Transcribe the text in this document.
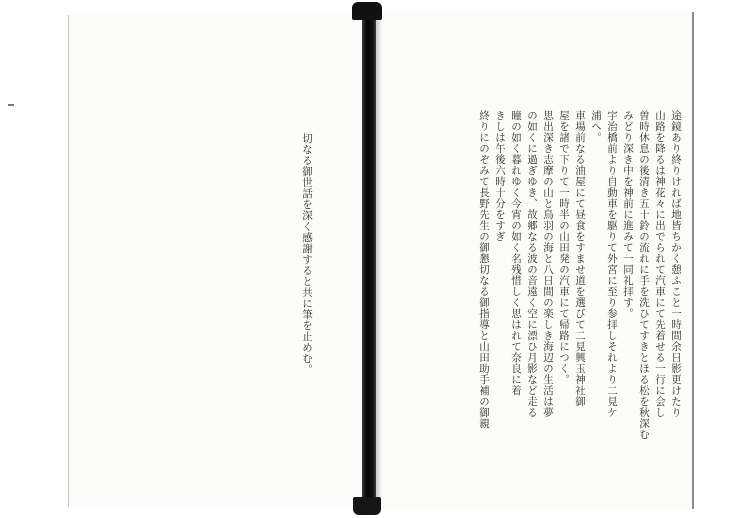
切なる御世話を深く感謝すると共に筆を止めむ。	途鏡あり終りければ地皆ちかく憩ふこと一時間余日影更けたり
山路を降るは神花々に出でられて汽車にて先着せる一行に会し
曽時休息の後清き五十鈴の流れに手を洗ひてすきとほる松を秋深む
みどり深き中を神前に進みて一同礼拝す。
宇治橋前より自動車を駆りて外宮に至り参拝しそれより二見ケ
浦へ。
車場前なる油屋にて昼食をすませ道を選びて二見興玉神社御
屋を諸で下りて一時半の山田発の汽車にて帰路につく。
思出深き志摩の山と鳥羽の海と八日間の楽しき海辺の生活は夢
の如くに過ぎゆき、故郷なる波の音遠く空に漂ひ月影など走る
瞳の如く暮れゆく今宵の如く名残惜しく思はれて奈良に着
きしは午後六時十分をすぎ
終りにのぞみて長野先生の御懇切なる御指導と山田助手補の御親
